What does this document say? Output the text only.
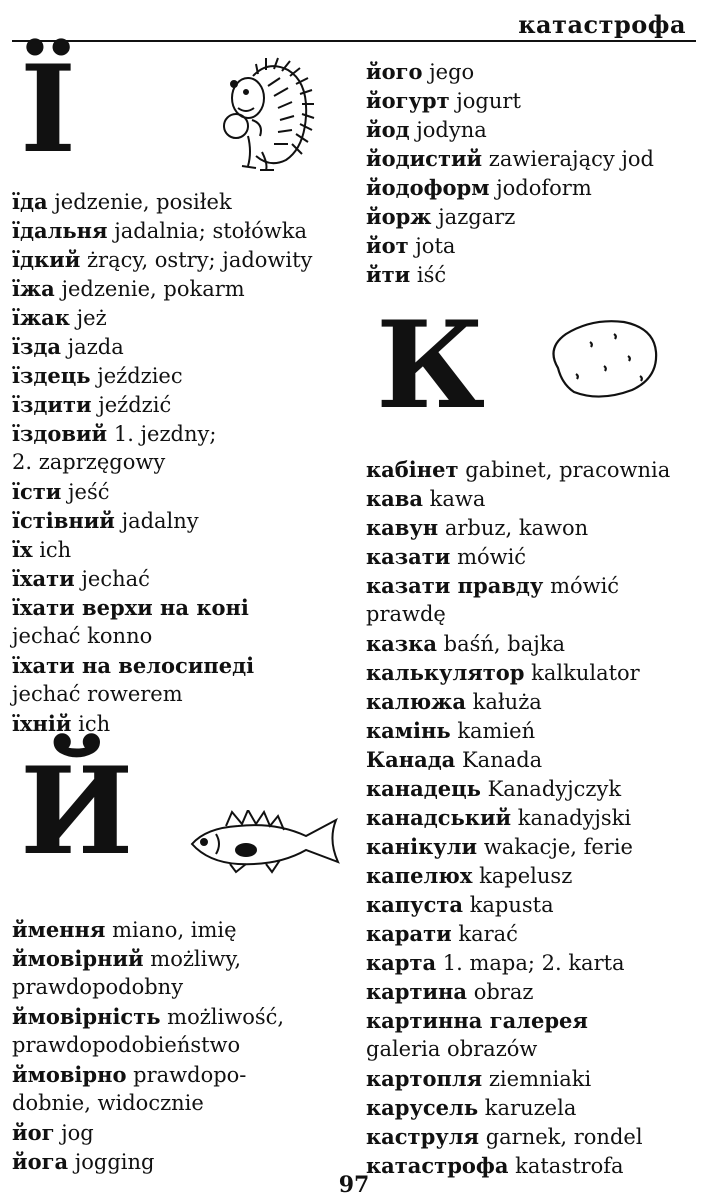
катастрофа
Ї
їда jedzenie, posiłek
їдальня jadalnia; stołówka
їдкий żrący, ostry; jadowity
їжа jedzenie, pokarm
їжак jeż
їзда jazda
їздець jeździec
їздити jeździć
їздовий 1. jezdny;
2. zaprzęgowy
їсти jeść
їстівний jadalny
їх ich
їхати jechać
їхати верхи на коні
jechać konno
їхати на велосипеді
jechać rowerem
їхній ich
Й
ймення miano, imię
ймовірний możliwy,
prawdopodobny
ймовірність możliwość,
prawdopodobieństwo
ймовірно prawdopo-
dobnie, widocznie
йог jog
йога jogging
його jego
йогурт jogurt
йод jodyna
йодистий zawierający jod
йодоформ jodoform
йорж jazgarz
йот jota
йти iść
К
кабінет gabinet, pracownia
кава kawa
кавун arbuz, kawon
казати mówić
казати правду mówić
prawdę
казка baśń, bajka
калькулятор kalkulator
калюжа kałuża
камінь kamień
Канада Kanada
канадець Kanadyjczyk
канадський kanadyjski
канікули wakacje, ferie
капелюх kapelusz
капуста kapusta
карати karać
карта 1. mapa; 2. karta
картина obraz
картинна галерея
galeria obrazów
картопля ziemniaki
карусель karuzela
каструля garnek, rondel
катастрофа katastrofa
97
